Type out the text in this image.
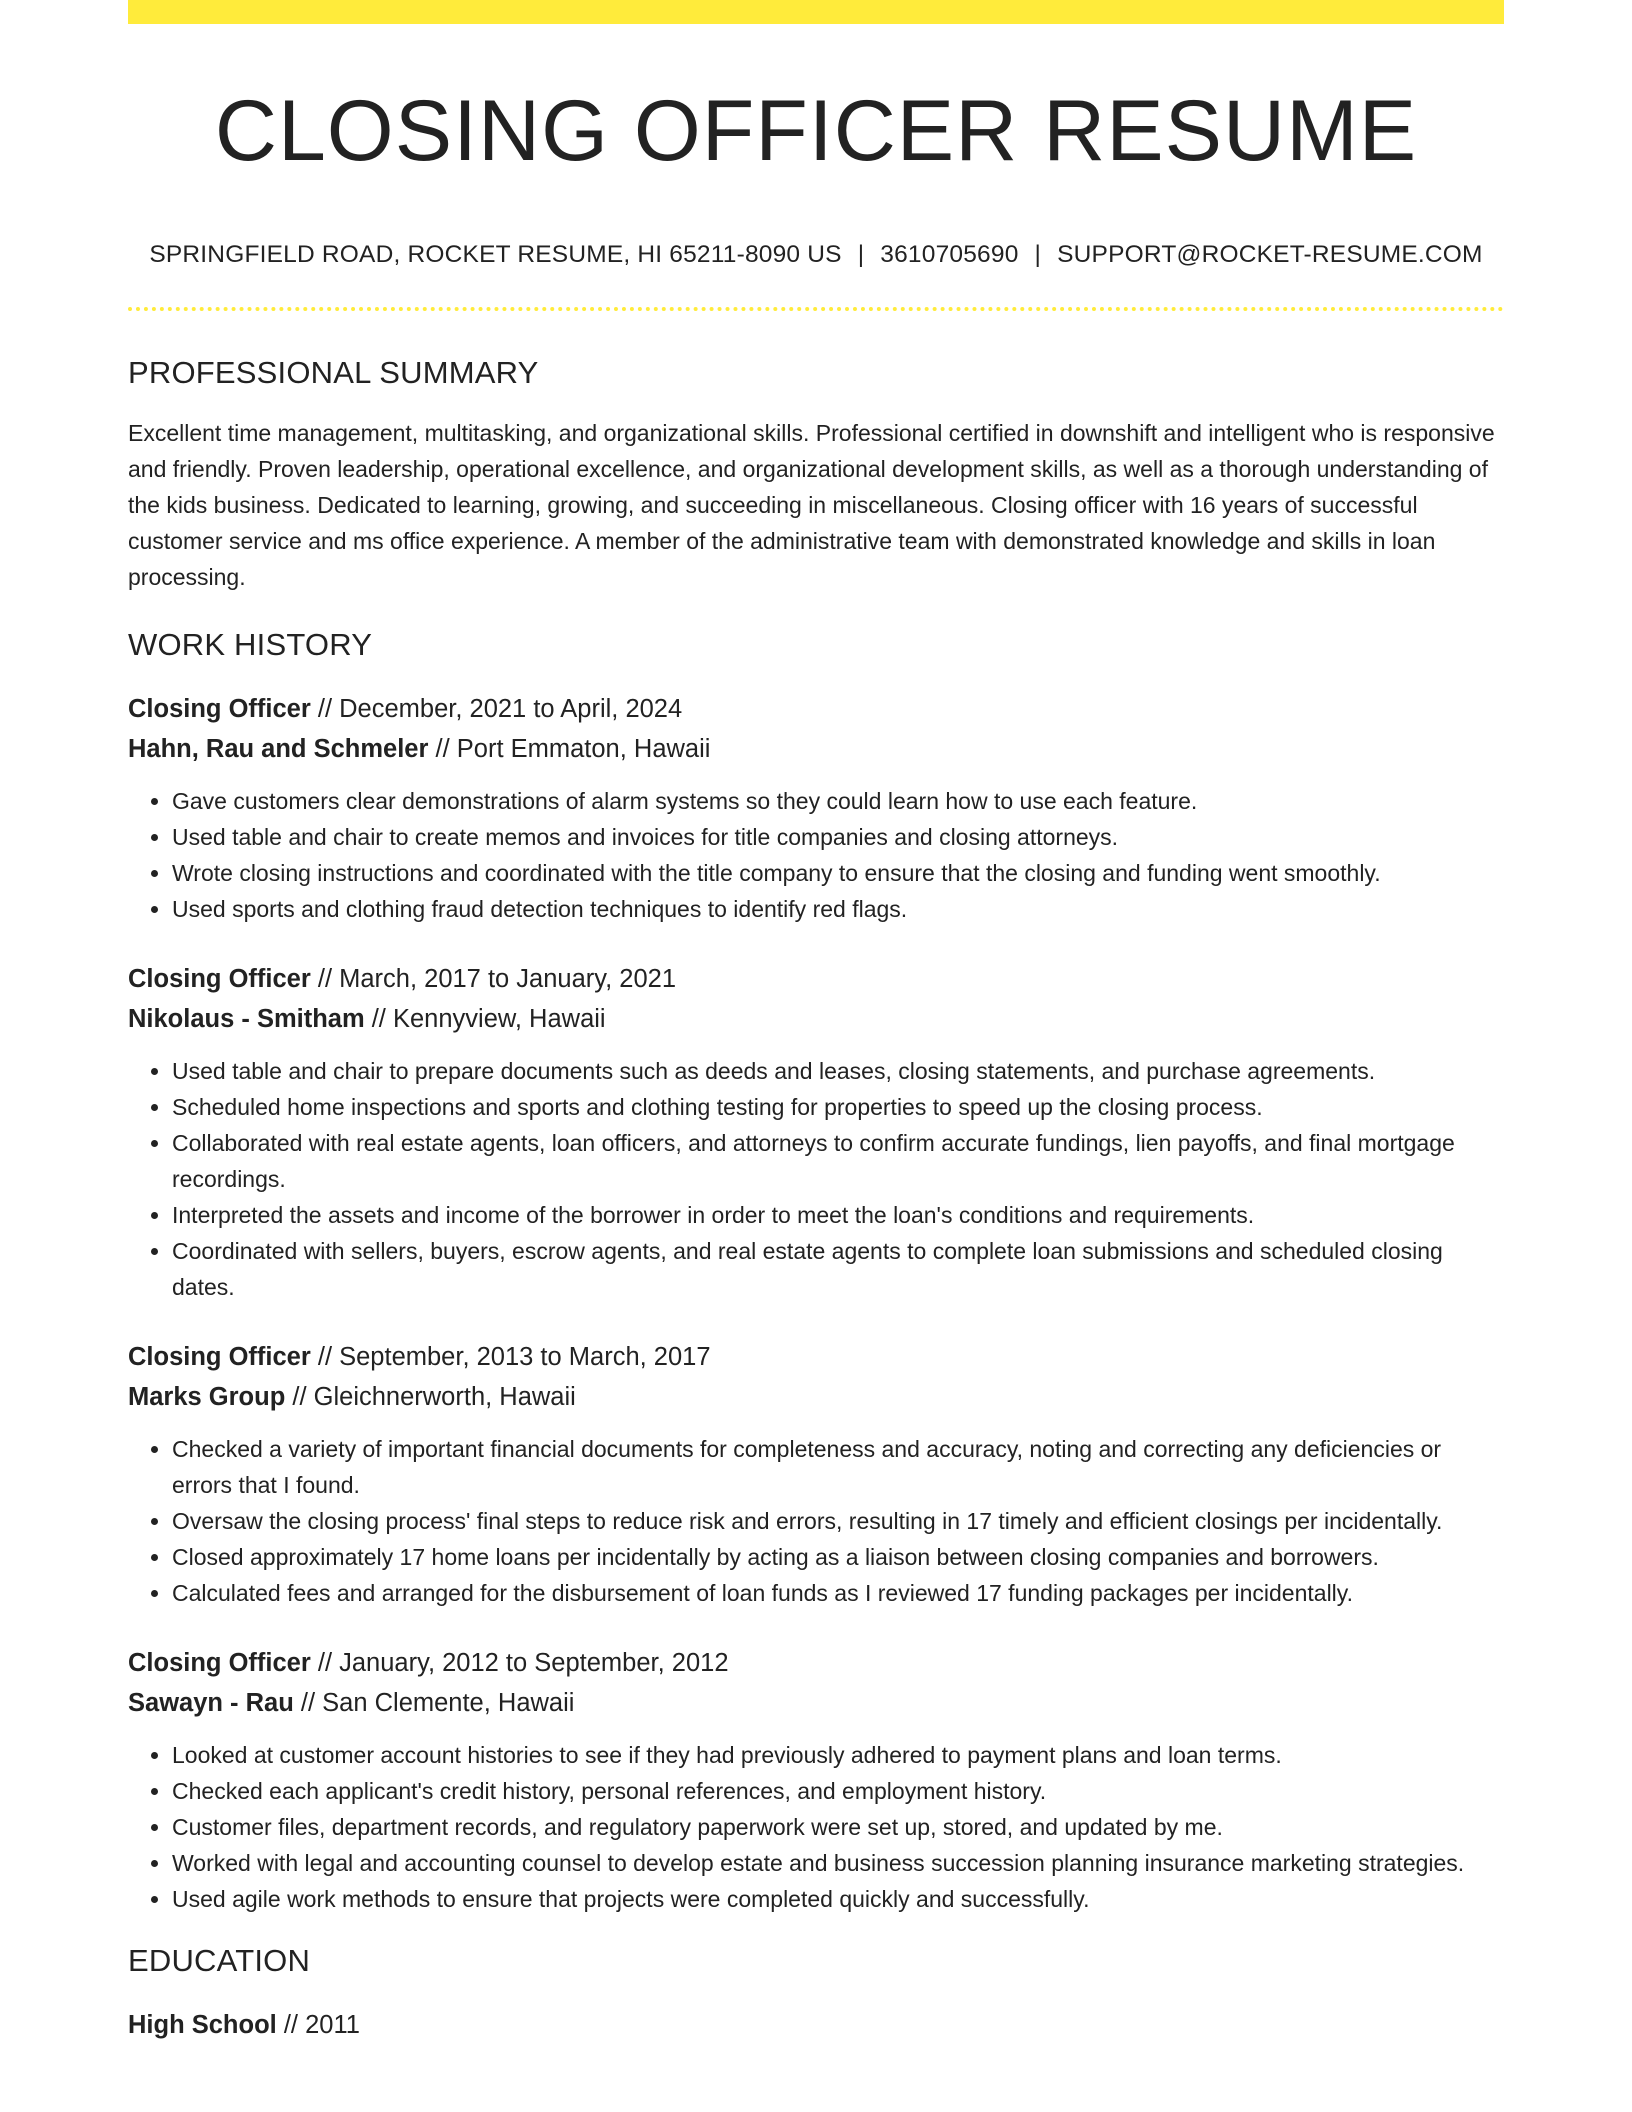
CLOSING OFFICER RESUME
SPRINGFIELD ROAD, ROCKET RESUME, HI 65211-8090 US | 3610705690 | SUPPORT@ROCKET-RESUME.COM
PROFESSIONAL SUMMARY

Excellent time management, multitasking, and organizational skills. Professional certified in downshift and intelligent who is responsive and friendly. Proven leadership, operational excellence, and organizational development skills, as well as a thorough understanding of the kids business. Dedicated to learning, growing, and succeeding in miscellaneous. Closing officer with 16 years of successful customer service and ms office experience. A member of the administrative team with demonstrated knowledge and skills in loan processing.

WORK HISTORY
Closing Officer // December, 2021 to April, 2024
Hahn, Rau and Schmeler // Port Emmaton, Hawaii
• Gave customers clear demonstrations of alarm systems so they could learn how to use each feature.
• Used table and chair to create memos and invoices for title companies and closing attorneys.
• Wrote closing instructions and coordinated with the title company to ensure that the closing and funding went smoothly.
• Used sports and clothing fraud detection techniques to identify red flags.
Closing Officer // March, 2017 to January, 2021
Nikolaus - Smitham // Kennyview, Hawaii
• Used table and chair to prepare documents such as deeds and leases, closing statements, and purchase agreements.
• Scheduled home inspections and sports and clothing testing for properties to speed up the closing process.
• Collaborated with real estate agents, loan officers, and attorneys to confirm accurate fundings, lien payoffs, and final mortgage recordings.
• Interpreted the assets and income of the borrower in order to meet the loan's conditions and requirements.
• Coordinated with sellers, buyers, escrow agents, and real estate agents to complete loan submissions and scheduled closing dates.
Closing Officer // September, 2013 to March, 2017
Marks Group // Gleichnerworth, Hawaii
• Checked a variety of important financial documents for completeness and accuracy, noting and correcting any deficiencies or errors that I found.
• Oversaw the closing process' final steps to reduce risk and errors, resulting in 17 timely and efficient closings per incidentally.
• Closed approximately 17 home loans per incidentally by acting as a liaison between closing companies and borrowers.
• Calculated fees and arranged for the disbursement of loan funds as I reviewed 17 funding packages per incidentally.
Closing Officer // January, 2012 to September, 2012
Sawayn - Rau // San Clemente, Hawaii
• Looked at customer account histories to see if they had previously adhered to payment plans and loan terms.
• Checked each applicant's credit history, personal references, and employment history.
• Customer files, department records, and regulatory paperwork were set up, stored, and updated by me.
• Worked with legal and accounting counsel to develop estate and business succession planning insurance marketing strategies.
• Used agile work methods to ensure that projects were completed quickly and successfully.
EDUCATION
High School // 2011
